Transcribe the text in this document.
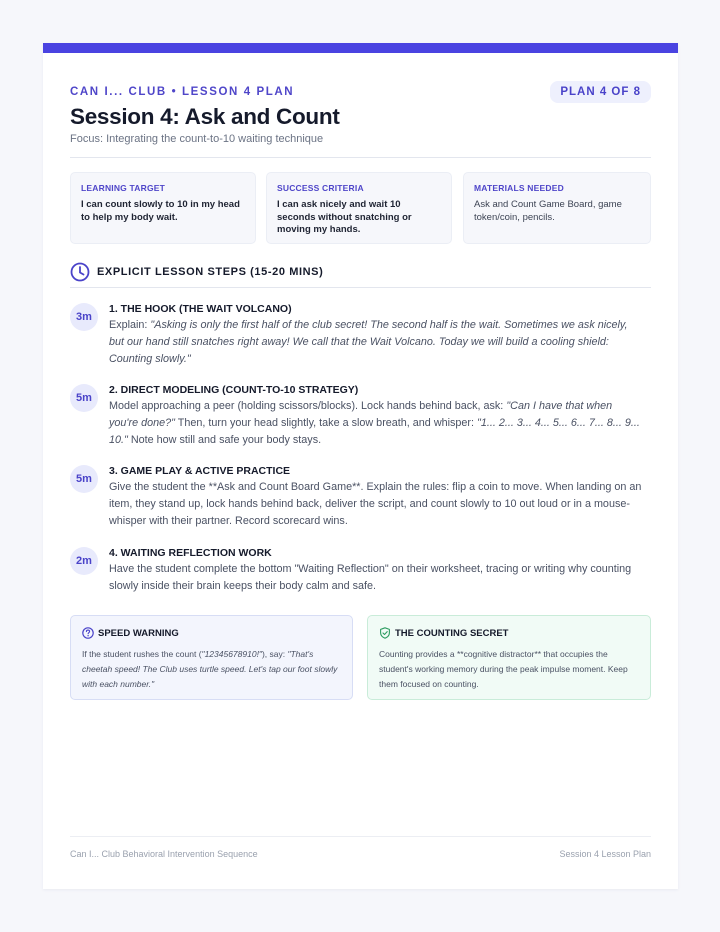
CAN I... CLUB • LESSON 4 PLAN	PLAN 4 OF 8
Session 4: Ask and Count
Focus: Integrating the count-to-10 waiting technique
LEARNING TARGET
I can count slowly to 10 in my head to help my body wait.
SUCCESS CRITERIA
I can ask nicely and wait 10 seconds without snatching or moving my hands.
MATERIALS NEEDED
Ask and Count Game Board, game token/coin, pencils.
EXPLICIT LESSON STEPS (15-20 MINS)
3m
1. THE HOOK (THE WAIT VOLCANO)
Explain: "Asking is only the first half of the club secret! The second half is the wait. Sometimes we ask nicely, but our hand still snatches right away! We call that the Wait Volcano. Today we will build a cooling shield: Counting slowly."
5m
2. DIRECT MODELING (COUNT-TO-10 STRATEGY)
Model approaching a peer (holding scissors/blocks). Lock hands behind back, ask: "Can I have that when you're done?" Then, turn your head slightly, take a slow breath, and whisper: "1... 2... 3... 4... 5... 6... 7... 8... 9... 10." Note how still and safe your body stays.
5m
3. GAME PLAY & ACTIVE PRACTICE
Give the student the **Ask and Count Board Game**. Explain the rules: flip a coin to move. When landing on an item, they stand up, lock hands behind back, deliver the script, and count slowly to 10 out loud or in a mouse-whisper with their partner. Record scorecard wins.
2m
4. WAITING REFLECTION WORK
Have the student complete the bottom "Waiting Reflection" on their worksheet, tracing or writing why counting slowly inside their brain keeps their body calm and safe.
SPEED WARNING
If the student rushes the count ("12345678910!"), say: "That's cheetah speed! The Club uses turtle speed. Let's tap our foot slowly with each number."
THE COUNTING SECRET
Counting provides a **cognitive distractor** that occupies the student's working memory during the peak impulse moment. Keep them focused on counting.
Can I... Club Behavioral Intervention Sequence	Session 4 Lesson Plan
